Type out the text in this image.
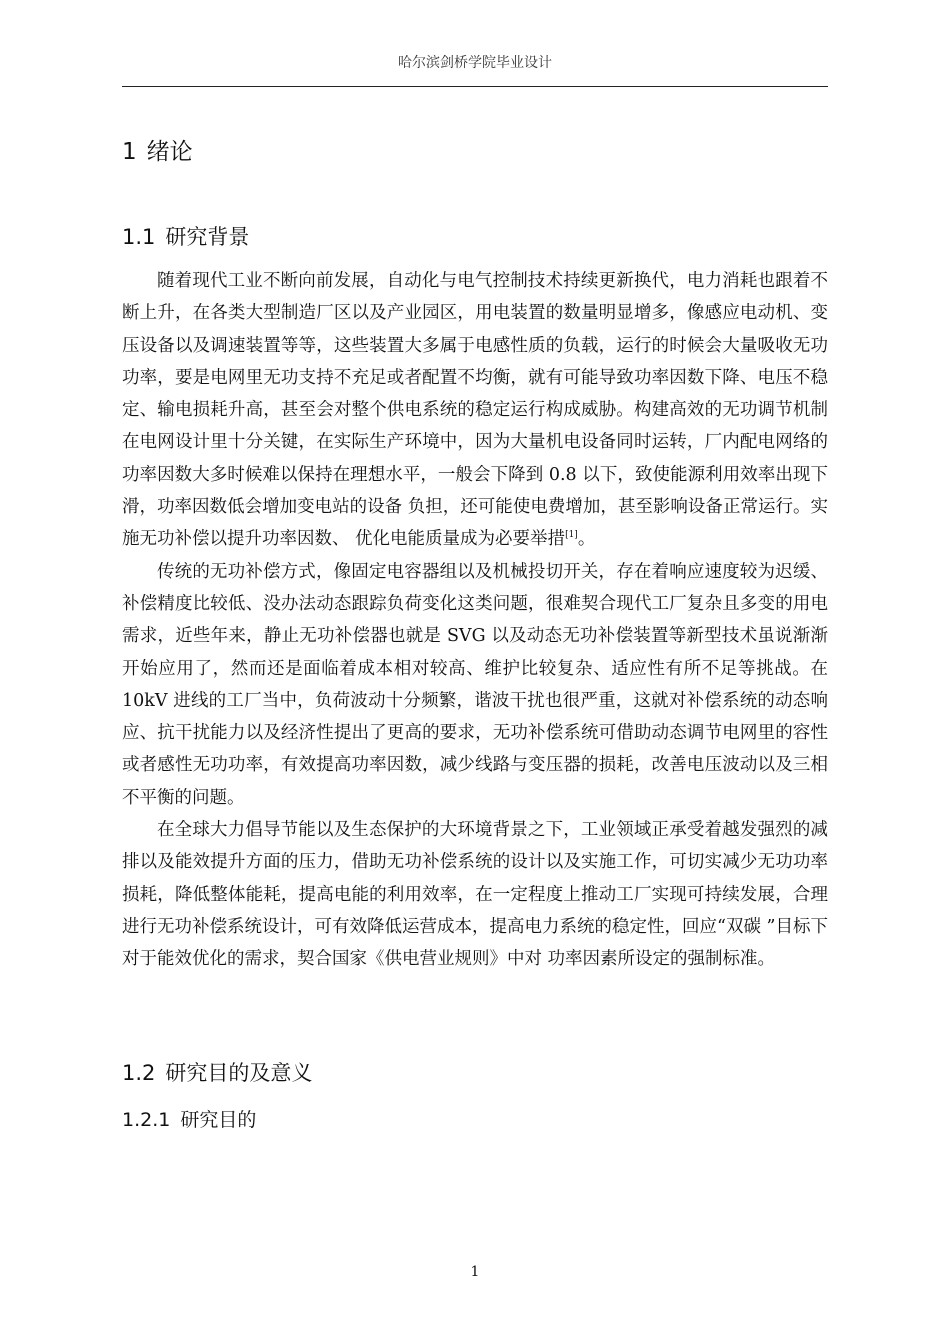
哈尔滨剑桥学院毕业设计
1 绪论
1.1 研究背景

随着现代工业不断向前发展，自动化与电气控制技术持续更新换代，电力消耗也跟着不断上升，在各类大型制造厂区以及产业园区，用电装置的数量明显增多，像感应电动机、变压设备以及调速装置等等，这些装置大多属于电感性质的负载，运行的时候会大量吸收无功功率，要是电网里无功支持不充足或者配置不均衡，就有可能导致功率因数下降、电压不稳定、输电损耗升高，甚至会对整个供电系统的稳定运行构成威胁。构建高效的无功调节机制在电网设计里十分关键，在实际生产环境中，因为大量机电设备同时运转，厂内配电网络的功率因数大多时候难以保持在理想水平，一般会下降到 0.8 以下，致使能源利用效率出现下滑，功率因数低会增加变电站的设备 负担，还可能使电费增加，甚至影响设备正常运行。实施无功补偿以提升功率因数、 优化电能质量成为必要举措[1]。

传统的无功补偿方式，像固定电容器组以及机械投切开关，存在着响应速度较为迟缓、补偿精度比较低、没办法动态跟踪负荷变化这类问题，很难契合现代工厂复杂且多变的用电需求，近些年来，静止无功补偿器也就是 SVG 以及动态无功补偿装置等新型技术虽说渐渐开始应用了，然而还是面临着成本相对较高、维护比较复杂、适应性有所不足等挑战。在 10kV 进线的工厂当中，负荷波动十分频繁，谐波干扰也很严重，这就对补偿系统的动态响应、抗干扰能力以及经济性提出了更高的要求，无功补偿系统可借助动态调节电网里的容性或者感性无功功率，有效提高功率因数，减少线路与变压器的损耗，改善电压波动以及三相不平衡的问题。

在全球大力倡导节能以及生态保护的大环境背景之下，工业领域正承受着越发强烈的减排以及能效提升方面的压力，借助无功补偿系统的设计以及实施工作，可切实减少无功功率损耗，降低整体能耗，提高电能的利用效率，在一定程度上推动工厂实现可持续发展，合理进行无功补偿系统设计，可有效降低运营成本，提高电力系统的稳定性，回应“双碳 ”目标下对于能效优化的需求，契合国家《供电营业规则》中对 功率因素所设定的强制标准。

1.2 研究目的及意义
1.2.1 研究目的
1
